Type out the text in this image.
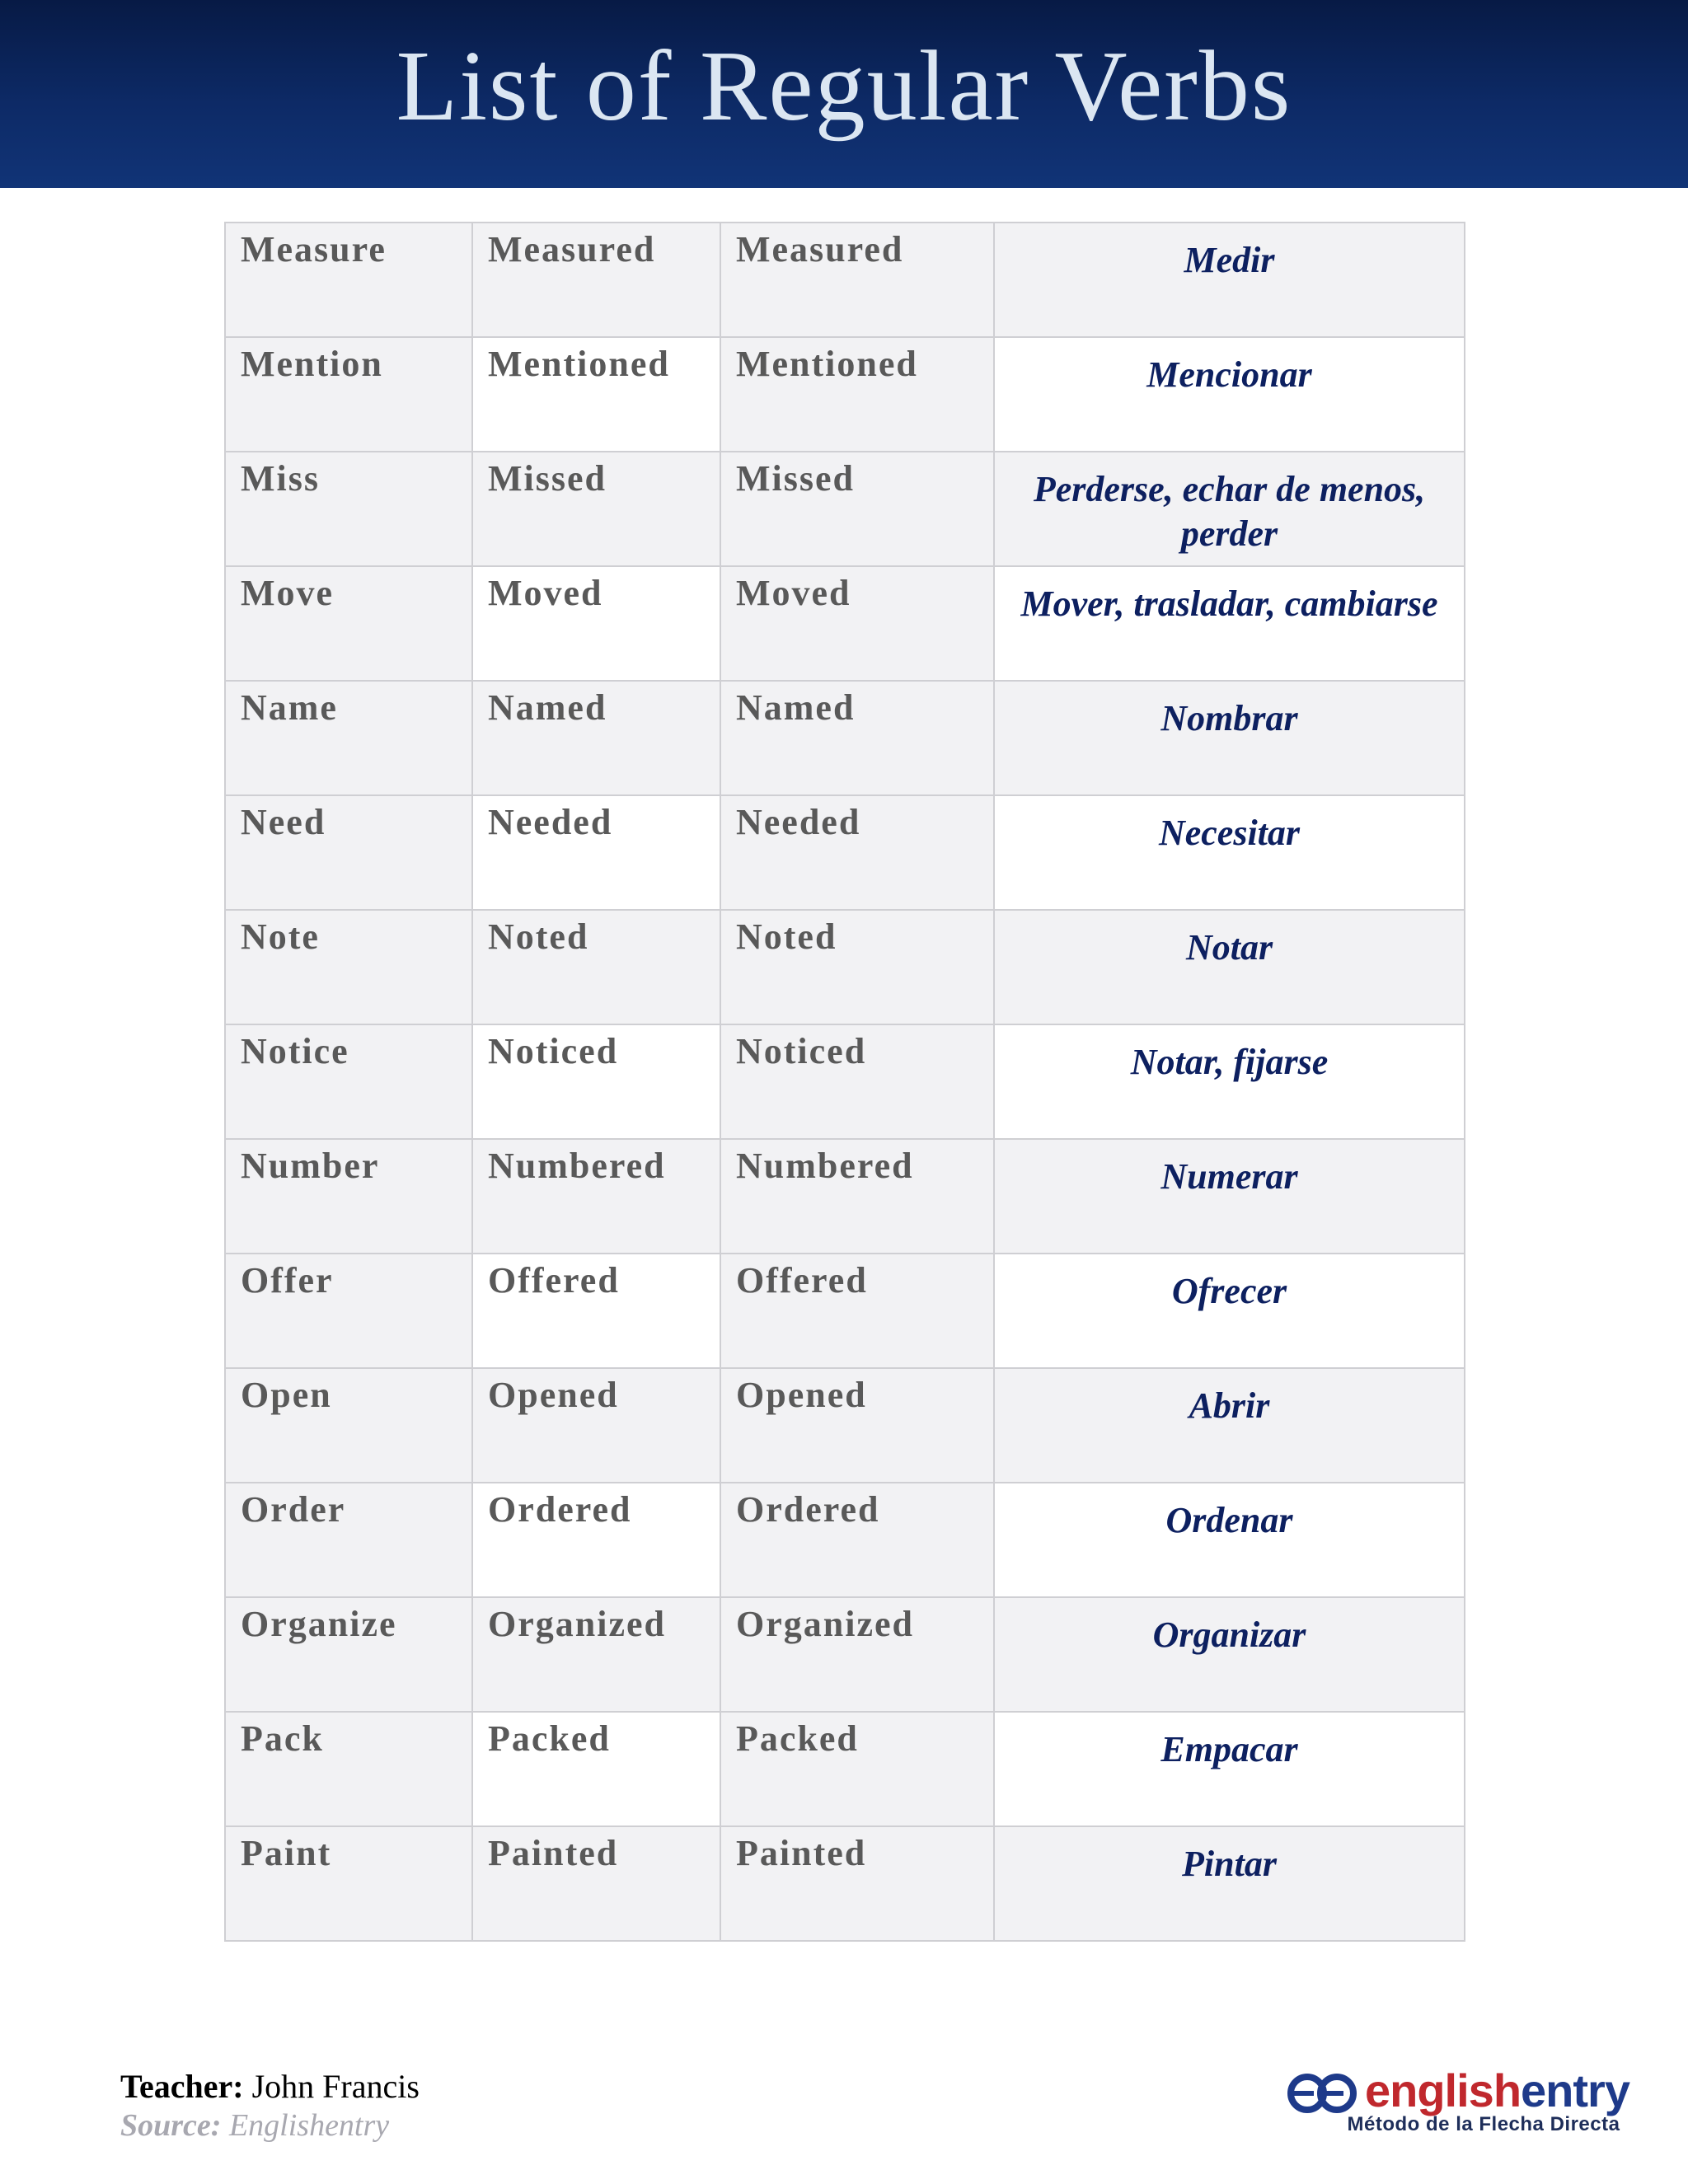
List of Regular Verbs
Measure	Measured	Measured	Medir
Mention	Mentioned	Mentioned	Mencionar
Miss	Missed	Missed	Perderse, echar de menos, perder
Move	Moved	Moved	Mover, trasladar, cambiarse
Name	Named	Named	Nombrar
Need	Needed	Needed	Necesitar
Note	Noted	Noted	Notar
Notice	Noticed	Noticed	Notar, fijarse
Number	Numbered	Numbered	Numerar
Offer	Offered	Offered	Ofrecer
Open	Opened	Opened	Abrir
Order	Ordered	Ordered	Ordenar
Organize	Organized	Organized	Organizar
Pack	Packed	Packed	Empacar
Paint	Painted	Painted	Pintar
Teacher: John Francis
Source: Englishentry
englishentry
Método de la Flecha Directa
